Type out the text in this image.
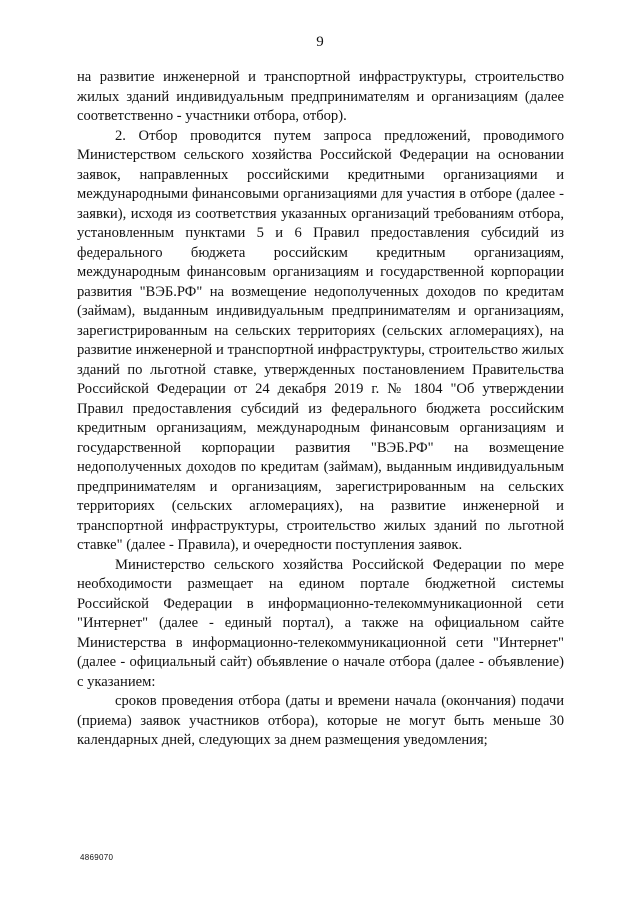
9

на развитие инженерной и транспортной инфраструктуры, строительство жилых зданий индивидуальным предпринимателям и организациям (далее соответственно - участники отбора, отбор).

2. Отбор проводится путем запроса предложений, проводимого Министерством сельского хозяйства Российской Федерации на основании заявок, направленных российскими кредитными организациями и международными финансовыми организациями для участия в отборе (далее - заявки), исходя из соответствия указанных организаций требованиям отбора, установленным пунктами 5 и 6 Правил предоставления субсидий из федерального бюджета российским кредитным организациям, международным финансовым организациям и государственной корпорации развития "ВЭБ.РФ" на возмещение недополученных доходов по кредитам (займам), выданным индивидуальным предпринимателям и организациям, зарегистрированным на сельских территориях (сельских агломерациях), на развитие инженерной и транспортной инфраструктуры, строительство жилых зданий по льготной ставке, утвержденных постановлением Правительства Российской Федерации от 24 декабря 2019 г. № 1804 "Об утверждении Правил предоставления субсидий из федерального бюджета российским кредитным организациям, международным финансовым организациям и государственной корпорации развития "ВЭБ.РФ" на возмещение недополученных доходов по кредитам (займам), выданным индивидуальным предпринимателям и организациям, зарегистрированным на сельских территориях (сельских агломерациях), на развитие инженерной и транспортной инфраструктуры, строительство жилых зданий по льготной ставке" (далее - Правила), и очередности поступления заявок.

Министерство сельского хозяйства Российской Федерации по мере необходимости размещает на едином портале бюджетной системы Российской Федерации в информационно-телекоммуникационной сети "Интернет" (далее - единый портал), а также на официальном сайте Министерства в информационно-телекоммуникационной сети "Интернет" (далее - официальный сайт) объявление о начале отбора (далее - объявление) с указанием:

сроков проведения отбора (даты и времени начала (окончания) подачи (приема) заявок участников отбора), которые не могут быть меньше 30 календарных дней, следующих за днем размещения уведомления;

4869070
